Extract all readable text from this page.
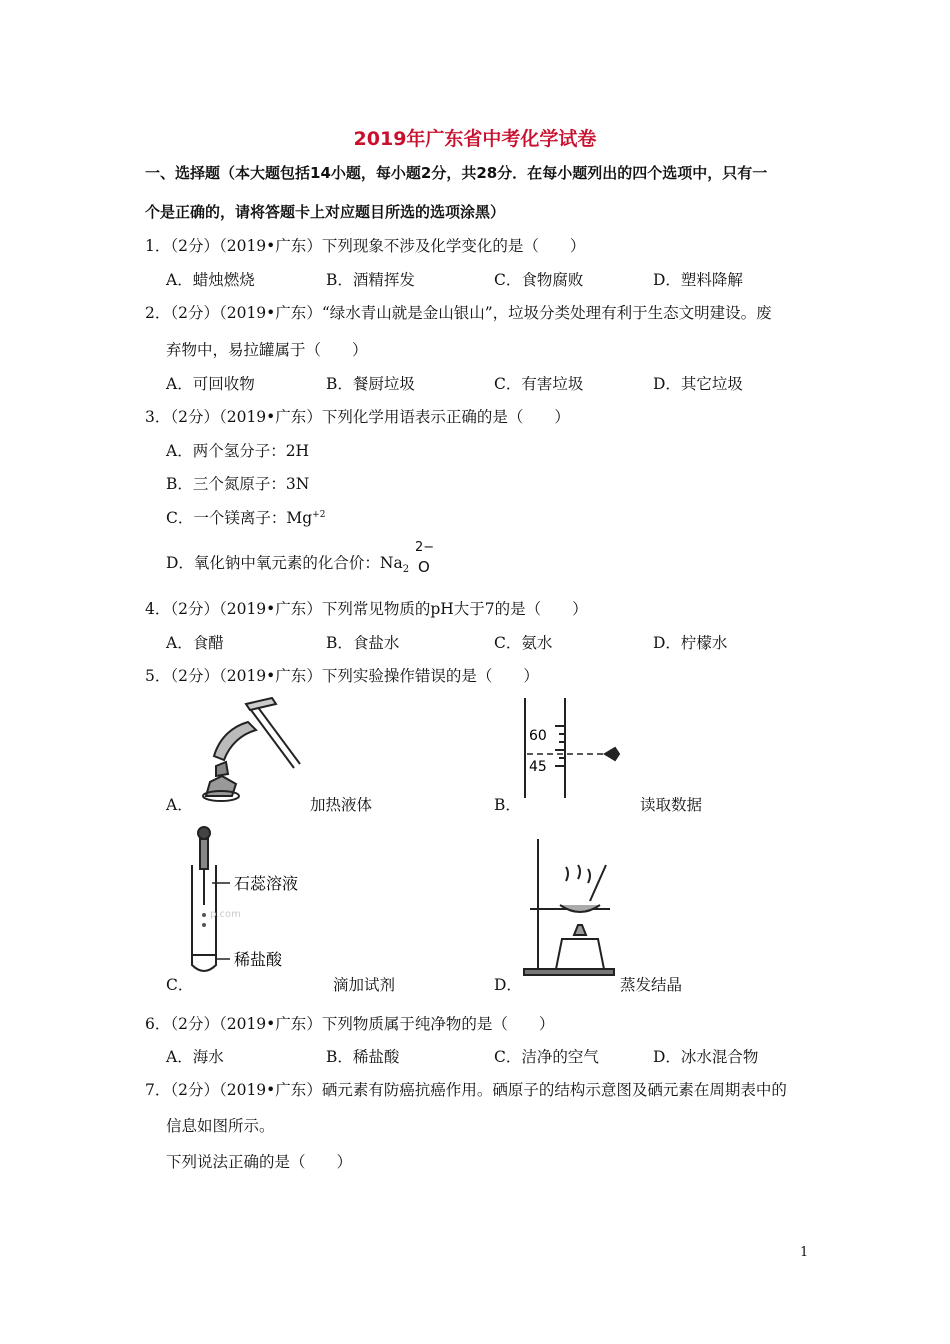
2019年广东省中考化学试卷
一、选择题（本大题包括14小题，每小题2分，共28分．在每小题列出的四个选项中，只有一
个是正确的，请将答题卡上对应题目所选的选项涂黑）
1．（2分）（2019•广东）下列现象不涉及化学变化的是（　　）
A．蜡烛燃烧	B．酒精挥发	C．食物腐败	D．塑料降解
2．（2分）（2019•广东）“绿水青山就是金山银山”，垃圾分类处理有利于生态文明建设。废
弃物中，易拉罐属于（　　）
A．可回收物	B．餐厨垃圾	C．有害垃圾	D．其它垃圾
3．（2分）（2019•广东）下列化学用语表示正确的是（　　）
A．两个氢分子：2H
B．三个氮原子：3N
C．一个镁离子：$Mg^{+2}$
D．氧化钠中氧元素的化合价：$Na_2$
2−
O
4．（2分）（2019•广东）下列常见物质的pH大于7的是（　　）
A．食醋	B．食盐水	C．氨水	D．柠檬水
5．（2分）（2019•广东）下列实验操作错误的是（　　）
A．	加热液体
60
45
B．	读取数据
石蕊溶液
稀盐酸
p.com
C．	滴加试剂	D．	蒸发结晶
6．（2分）（2019•广东）下列物质属于纯净物的是（　　）
A．海水	B．稀盐酸	C．洁净的空气	D．冰水混合物
7．（2分）（2019•广东）硒元素有防癌抗癌作用。硒原子的结构示意图及硒元素在周期表中的
信息如图所示。
下列说法正确的是（　　）
1
